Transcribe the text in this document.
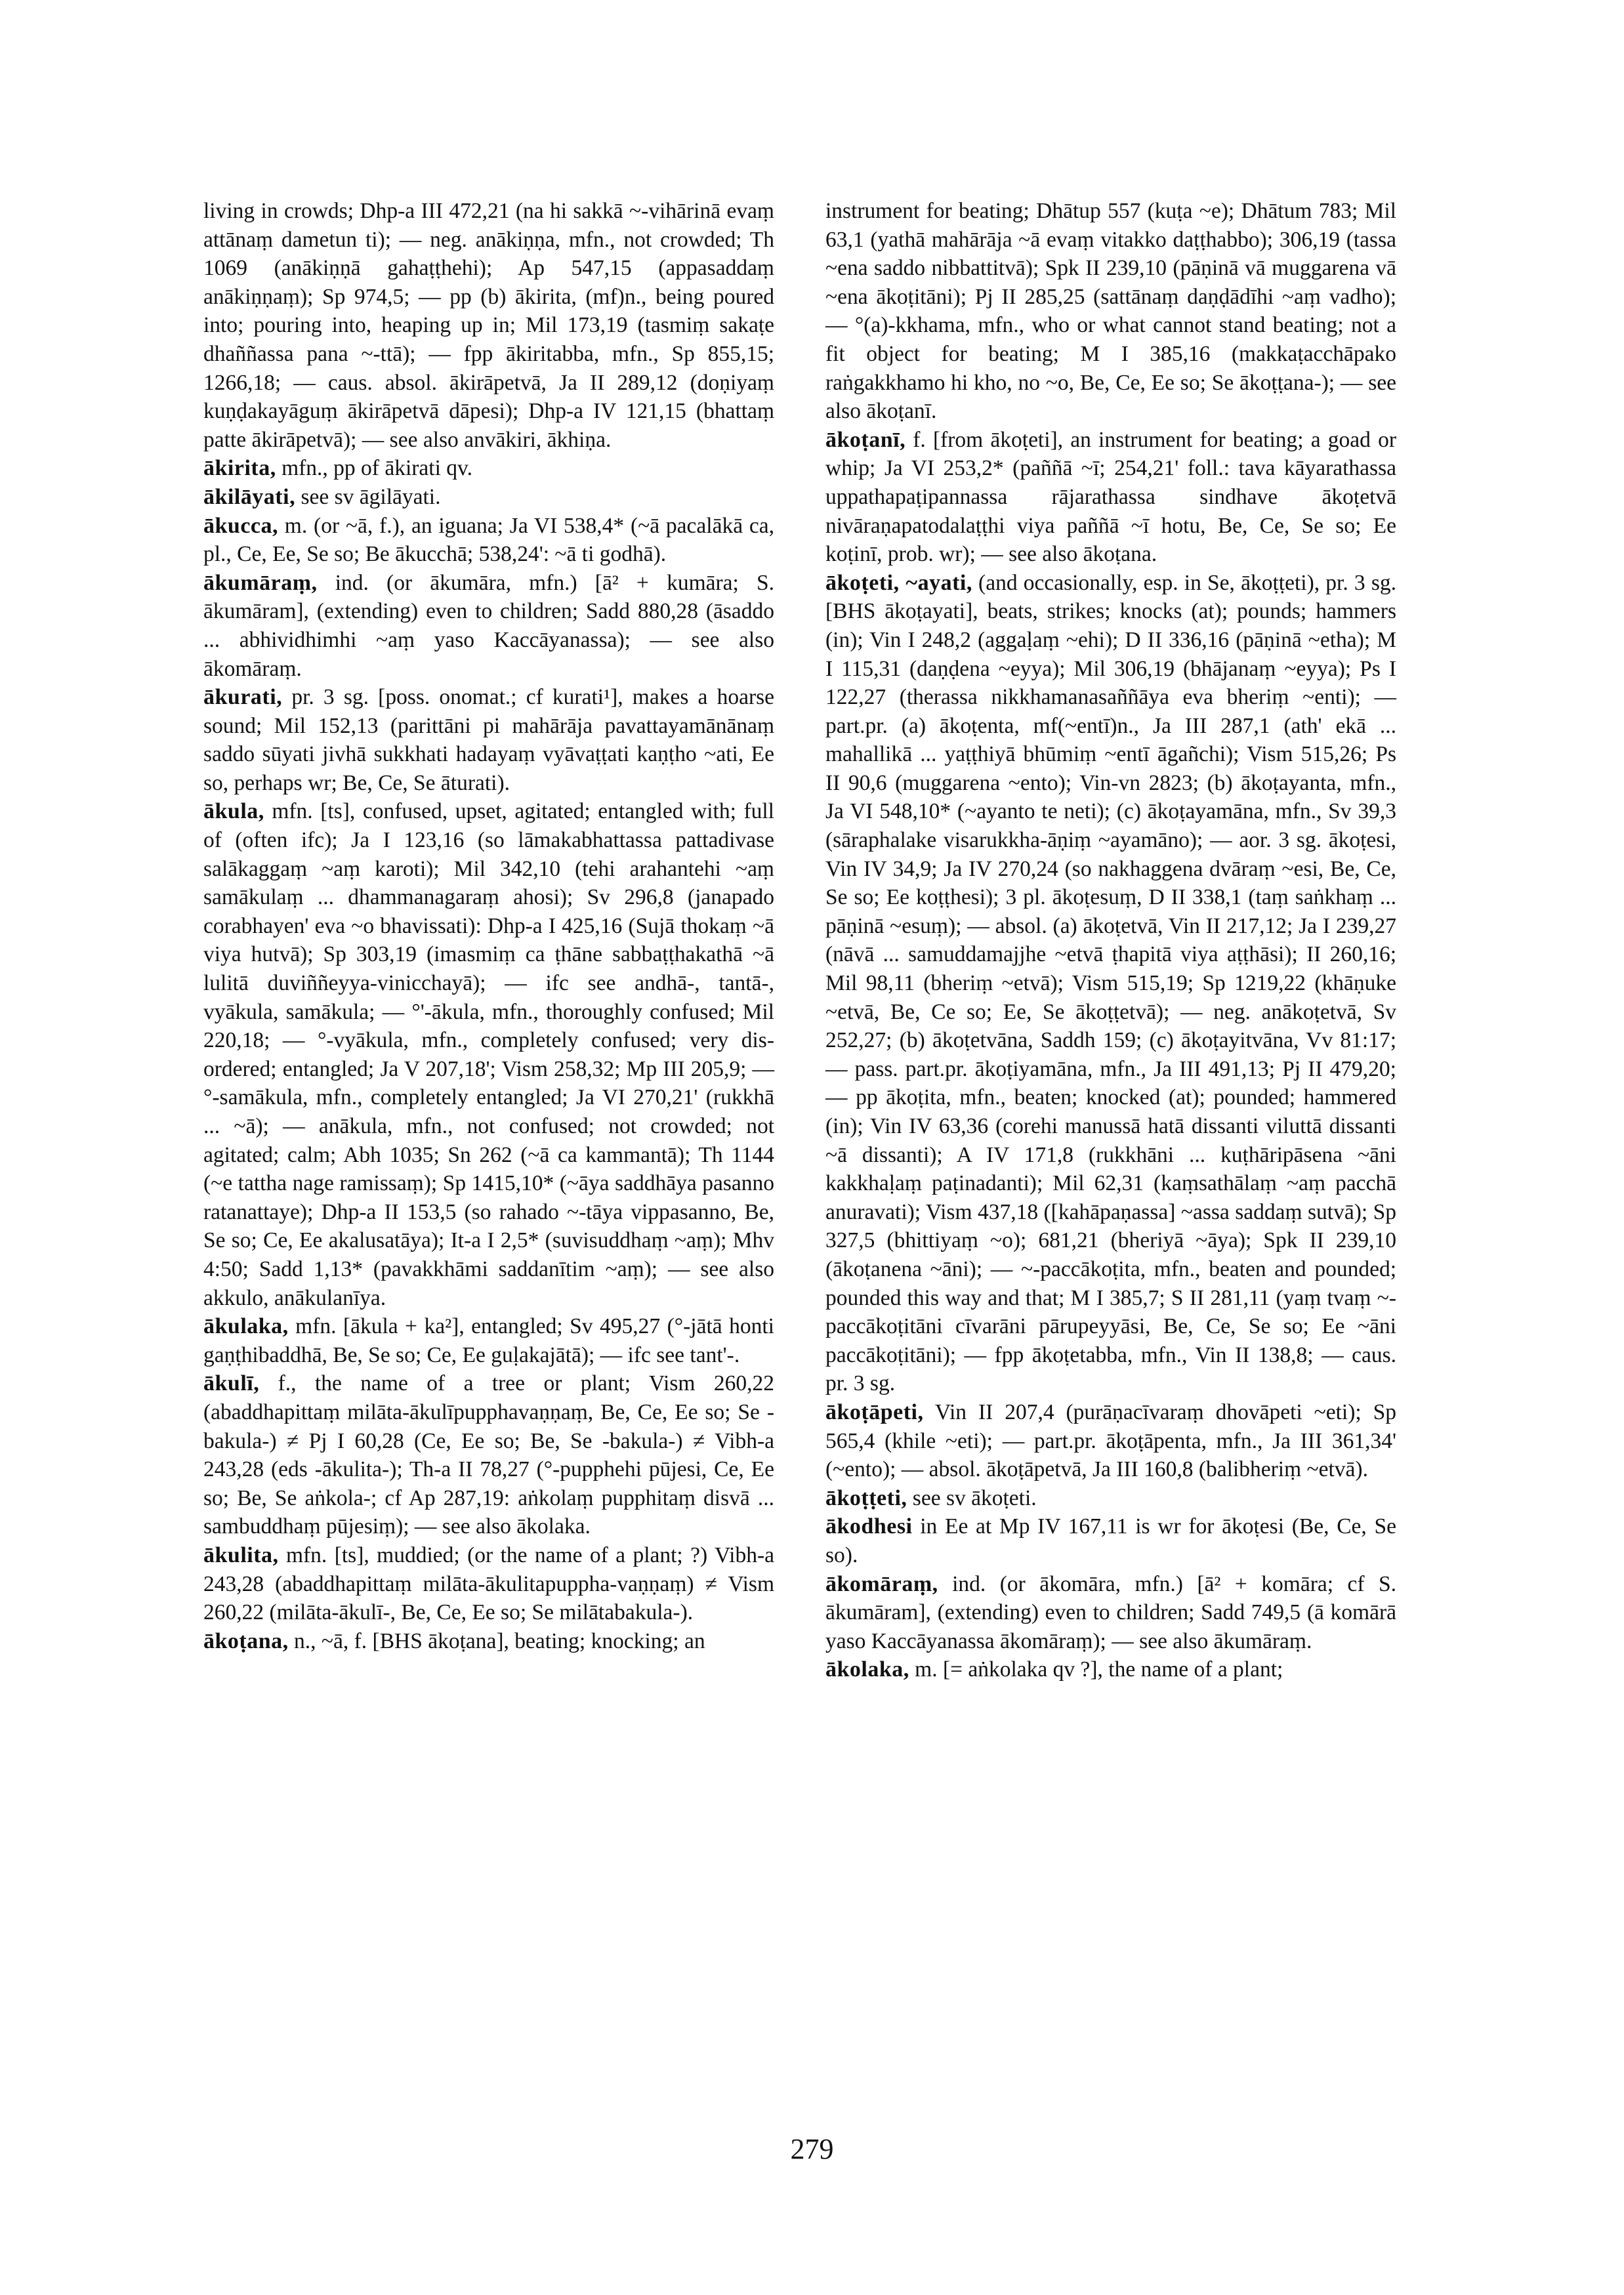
living in crowds; Dhp-a III 472,21 (na hi sakkā ~-vihārinā evaṃ attānaṃ dametun ti); — neg. anākiṇṇa, mfn., not crowded; Th 1069 (anākiṇṇā gahaṭṭhehi); Ap 547,15 (appasaddaṃ anākiṇṇaṃ); Sp 974,5; — pp (b) ākirita, (mf)n., being poured into; pouring into, heaping up in; Mil 173,19 (tasmiṃ sakaṭe dhaññassa pana ~-ttā); — fpp ākiritabba, mfn., Sp 855,15; 1266,18; — caus. absol. ākirāpetvā, Ja II 289,12 (doṇiyaṃ kuṇḍakayāguṃ ākirāpetvā dāpesi); Dhp-a IV 121,15 (bhattaṃ patte ākirāpetvā); — see also anvākiri, ākhiṇa.

ākirita, mfn., pp of ākirati qv.

ākilāyati, see sv āgilāyati.

ākucca, m. (or ~ā, f.), an iguana; Ja VI 538,4* (~ā pacalākā ca, pl., Ce, Ee, Se so; Be ākucchā; 538,24': ~ā ti godhā).

ākumāraṃ, ind. (or ākumāra, mfn.) [ā² + kumāra; S. ākumāram], (extending) even to children; Sadd 880,28 (āsaddo ... abhividhimhi ~aṃ yaso Kaccāyanassa); — see also ākomāraṃ.

ākurati, pr. 3 sg. [poss. onomat.; cf kurati¹], makes a hoarse sound; Mil 152,13 (parittāni pi mahārāja pavattayamānānaṃ saddo sūyati jivhā sukkhati hadayaṃ vyāvaṭṭati kaṇṭho ~ati, Ee so, perhaps wr; Be, Ce, Se āturati).

ākula, mfn. [ts], confused, upset, agitated; entangled with; full of (often ifc); Ja I 123,16 (so lāmakabhattassa pattadivase salākaggaṃ ~aṃ karoti); Mil 342,10 (tehi arahantehi ~aṃ samākulaṃ ... dhammanagaraṃ ahosi); Sv 296,8 (janapado corabhayen' eva ~o bhavissati): Dhp-a I 425,16 (Sujā thokaṃ ~ā viya hutvā); Sp 303,19 (imasmiṃ ca ṭhāne sabbaṭṭhakathā ~ā lulitā duviññeyya-vinicchayā); — ifc see andhā-, tantā-, vyākula, samākula; — °'-ākula, mfn., thoroughly confused; Mil 220,18; — °-vyākula, mfn., completely confused; very dis-ordered; entangled; Ja V 207,18'; Vism 258,32; Mp III 205,9; — °-samākula, mfn., completely entangled; Ja VI 270,21' (rukkhā ... ~ā); — anākula, mfn., not confused; not crowded; not agitated; calm; Abh 1035; Sn 262 (~ā ca kammantā); Th 1144 (~e tattha nage ramissaṃ); Sp 1415,10* (~āya saddhāya pasanno ratanattaye); Dhp-a II 153,5 (so rahado ~-tāya vippasanno, Be, Se so; Ce, Ee akalusatāya); It-a I 2,5* (suvisuddhaṃ ~aṃ); Mhv 4:50; Sadd 1,13* (pavakkhāmi saddanītim ~aṃ); — see also akkulo, anākulanīya.

ākulaka, mfn. [ākula + ka²], entangled; Sv 495,27 (°-jātā honti gaṇṭhibaddhā, Be, Se so; Ce, Ee guḷakajātā); — ifc see tant'-.

ākulī, f., the name of a tree or plant; Vism 260,22 (abaddhapittaṃ milāta-ākulīpupphavaṇṇaṃ, Be, Ce, Ee so; Se -bakula-) ≠ Pj I 60,28 (Ce, Ee so; Be, Se -bakula-) ≠ Vibh-a 243,28 (eds -ākulita-); Th-a II 78,27 (°-pupphehi pūjesi, Ce, Ee so; Be, Se aṅkola-; cf Ap 287,19: aṅkolaṃ pupphitaṃ disvā ... sambuddhaṃ pūjesiṃ); — see also ākolaka.

ākulita, mfn. [ts], muddied; (or the name of a plant; ?) Vibh-a 243,28 (abaddhapittaṃ milāta-ākulitapuppha-vaṇṇaṃ) ≠ Vism 260,22 (milāta-ākulī-, Be, Ce, Ee so; Se milātabakula-).

ākoṭana, n., ~ā, f. [BHS ākoṭana], beating; knocking; an

instrument for beating; Dhātup 557 (kuṭa ~e); Dhātum 783; Mil 63,1 (yathā mahārāja ~ā evaṃ vitakko daṭṭhabbo); 306,19 (tassa ~ena saddo nibbattitvā); Spk II 239,10 (pāṇinā vā muggarena vā ~ena ākoṭitāni); Pj II 285,25 (sattānaṃ daṇḍādīhi ~aṃ vadho); — °(a)-kkhama, mfn., who or what cannot stand beating; not a fit object for beating; M I 385,16 (makkaṭacchāpako raṅgakkhamo hi kho, no ~o, Be, Ce, Ee so; Se ākoṭṭana-); — see also ākoṭanī.

ākoṭanī, f. [from ākoṭeti], an instrument for beating; a goad or whip; Ja VI 253,2* (paññā ~ī; 254,21' foll.: tava kāyarathassa uppathapaṭipannassa rājarathassa sindhave ākoṭetvā nivāraṇapatodalaṭṭhi viya paññā ~ī hotu, Be, Ce, Se so; Ee koṭinī, prob. wr); — see also ākoṭana.

ākoṭeti, ~ayati, (and occasionally, esp. in Se, ākoṭṭeti), pr. 3 sg. [BHS ākoṭayati], beats, strikes; knocks (at); pounds; hammers (in); Vin I 248,2 (aggaḷaṃ ~ehi); D II 336,16 (pāṇinā ~etha); M I 115,31 (daṇḍena ~eyya); Mil 306,19 (bhājanaṃ ~eyya); Ps I 122,27 (therassa nikkhamanasaññāya eva bheriṃ ~enti); — part.pr. (a) ākoṭenta, mf(~entī)n., Ja III 287,1 (ath' ekā ... mahallikā ... yaṭṭhiyā bhūmiṃ ~entī āgañchi); Vism 515,26; Ps II 90,6 (muggarena ~ento); Vin-vn 2823; (b) ākoṭayanta, mfn., Ja VI 548,10* (~ayanto te neti); (c) ākoṭayamāna, mfn., Sv 39,3 (sāraphalake visarukkha-āṇiṃ ~ayamāno); — aor. 3 sg. ākoṭesi, Vin IV 34,9; Ja IV 270,24 (so nakhaggena dvāraṃ ~esi, Be, Ce, Se so; Ee koṭṭhesi); 3 pl. ākoṭesuṃ, D II 338,1 (taṃ saṅkhaṃ ... pāṇinā ~esuṃ); — absol. (a) ākoṭetvā, Vin II 217,12; Ja I 239,27 (nāvā ... samuddamajjhe ~etvā ṭhapitā viya aṭṭhāsi); II 260,16; Mil 98,11 (bheriṃ ~etvā); Vism 515,19; Sp 1219,22 (khāṇuke ~etvā, Be, Ce so; Ee, Se ākoṭṭetvā); — neg. anākoṭetvā, Sv 252,27; (b) ākoṭetvāna, Saddh 159; (c) ākoṭayitvāna, Vv 81:17; — pass. part.pr. ākoṭiyamāna, mfn., Ja III 491,13; Pj II 479,20; — pp ākoṭita, mfn., beaten; knocked (at); pounded; hammered (in); Vin IV 63,36 (corehi manussā hatā dissanti viluttā dissanti ~ā dissanti); A IV 171,8 (rukkhāni ... kuṭhāripāsena ~āni kakkhaḷaṃ paṭinadanti); Mil 62,31 (kaṃsathālaṃ ~aṃ pacchā anuravati); Vism 437,18 ([kahāpaṇassa] ~assa saddaṃ sutvā); Sp 327,5 (bhittiyaṃ ~o); 681,21 (bheriyā ~āya); Spk II 239,10 (ākoṭanena ~āni); — ~-paccākoṭita, mfn., beaten and pounded; pounded this way and that; M I 385,7; S II 281,11 (yaṃ tvaṃ ~-paccākoṭitāni cīvarāni pārupeyyāsi, Be, Ce, Se so; Ee ~āni paccākoṭitāni); — fpp ākoṭetabba, mfn., Vin II 138,8; — caus. pr. 3 sg.

ākoṭāpeti, Vin II 207,4 (purāṇacīvaraṃ dhovāpeti ~eti); Sp 565,4 (khile ~eti); — part.pr. ākoṭāpenta, mfn., Ja III 361,34' (~ento); — absol. ākoṭāpetvā, Ja III 160,8 (balibheriṃ ~etvā).

ākoṭṭeti, see sv ākoṭeti.

ākodhesi in Ee at Mp IV 167,11 is wr for ākoṭesi (Be, Ce, Se so).

ākomāraṃ, ind. (or ākomāra, mfn.) [ā² + komāra; cf S. ākumāram], (extending) even to children; Sadd 749,5 (ā komārā yaso Kaccāyanassa ākomāraṃ); — see also ākumāraṃ.

ākolaka, m. [= aṅkolaka qv ?], the name of a plant;

279
